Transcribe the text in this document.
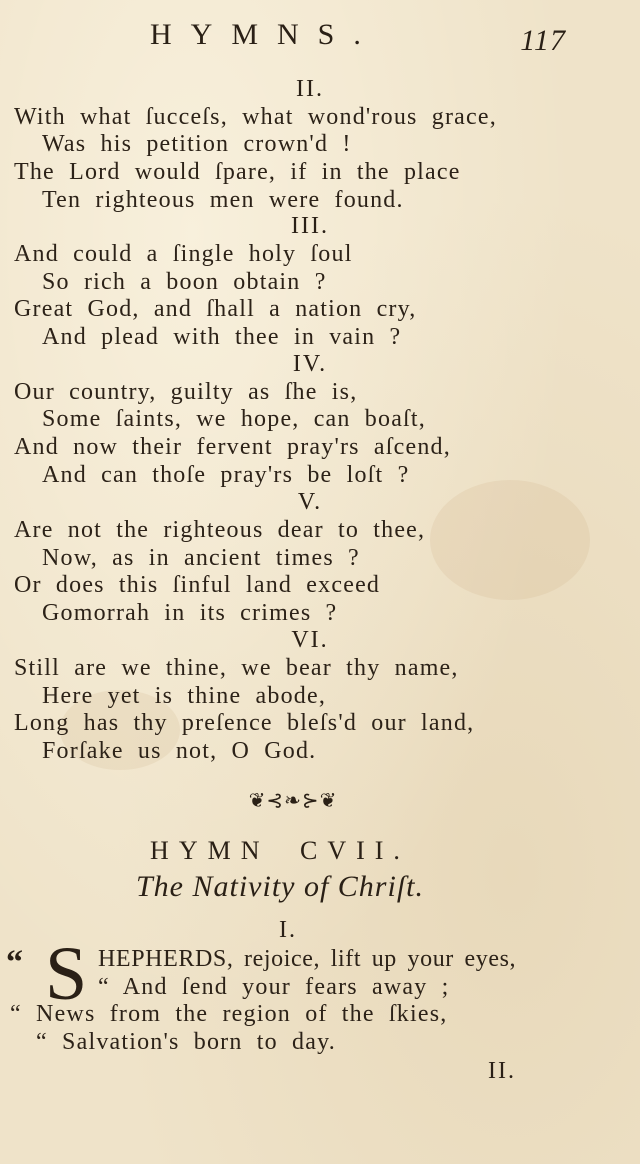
HYMNS.	117
II.
With what ſucceſs, what wond'rous grace,
Was his petition crown'd !
The Lord would ſpare, if in the place
Ten righteous men were found.
III.
And could a ſingle holy ſoul
So rich a boon obtain ?
Great God, and ſhall a nation cry,
And plead with thee in vain ?
IV.
Our country, guilty as ſhe is,
Some ſaints, we hope, can boaſt,
And now their fervent pray'rs aſcend,
And can thoſe pray'rs be loſt ?
V.
Are not the righteous dear to thee,
Now, as in ancient times ?
Or does this ſinful land exceed
Gomorrah in its crimes ?
VI.
Still are we thine, we bear thy name,
Here yet is thine abode,
Long has thy preſence bleſs'd our land,
Forſake us not, O God.
❦⊰❧⊱❦
HYMN CVII.
The Nativity of Chriſt.
I.
“ S HEPHERDS, rejoice, lift up your eyes,
“ And ſend your fears away ;
“ News from the region of the ſkies,
“ Salvation's born to day.
II.
